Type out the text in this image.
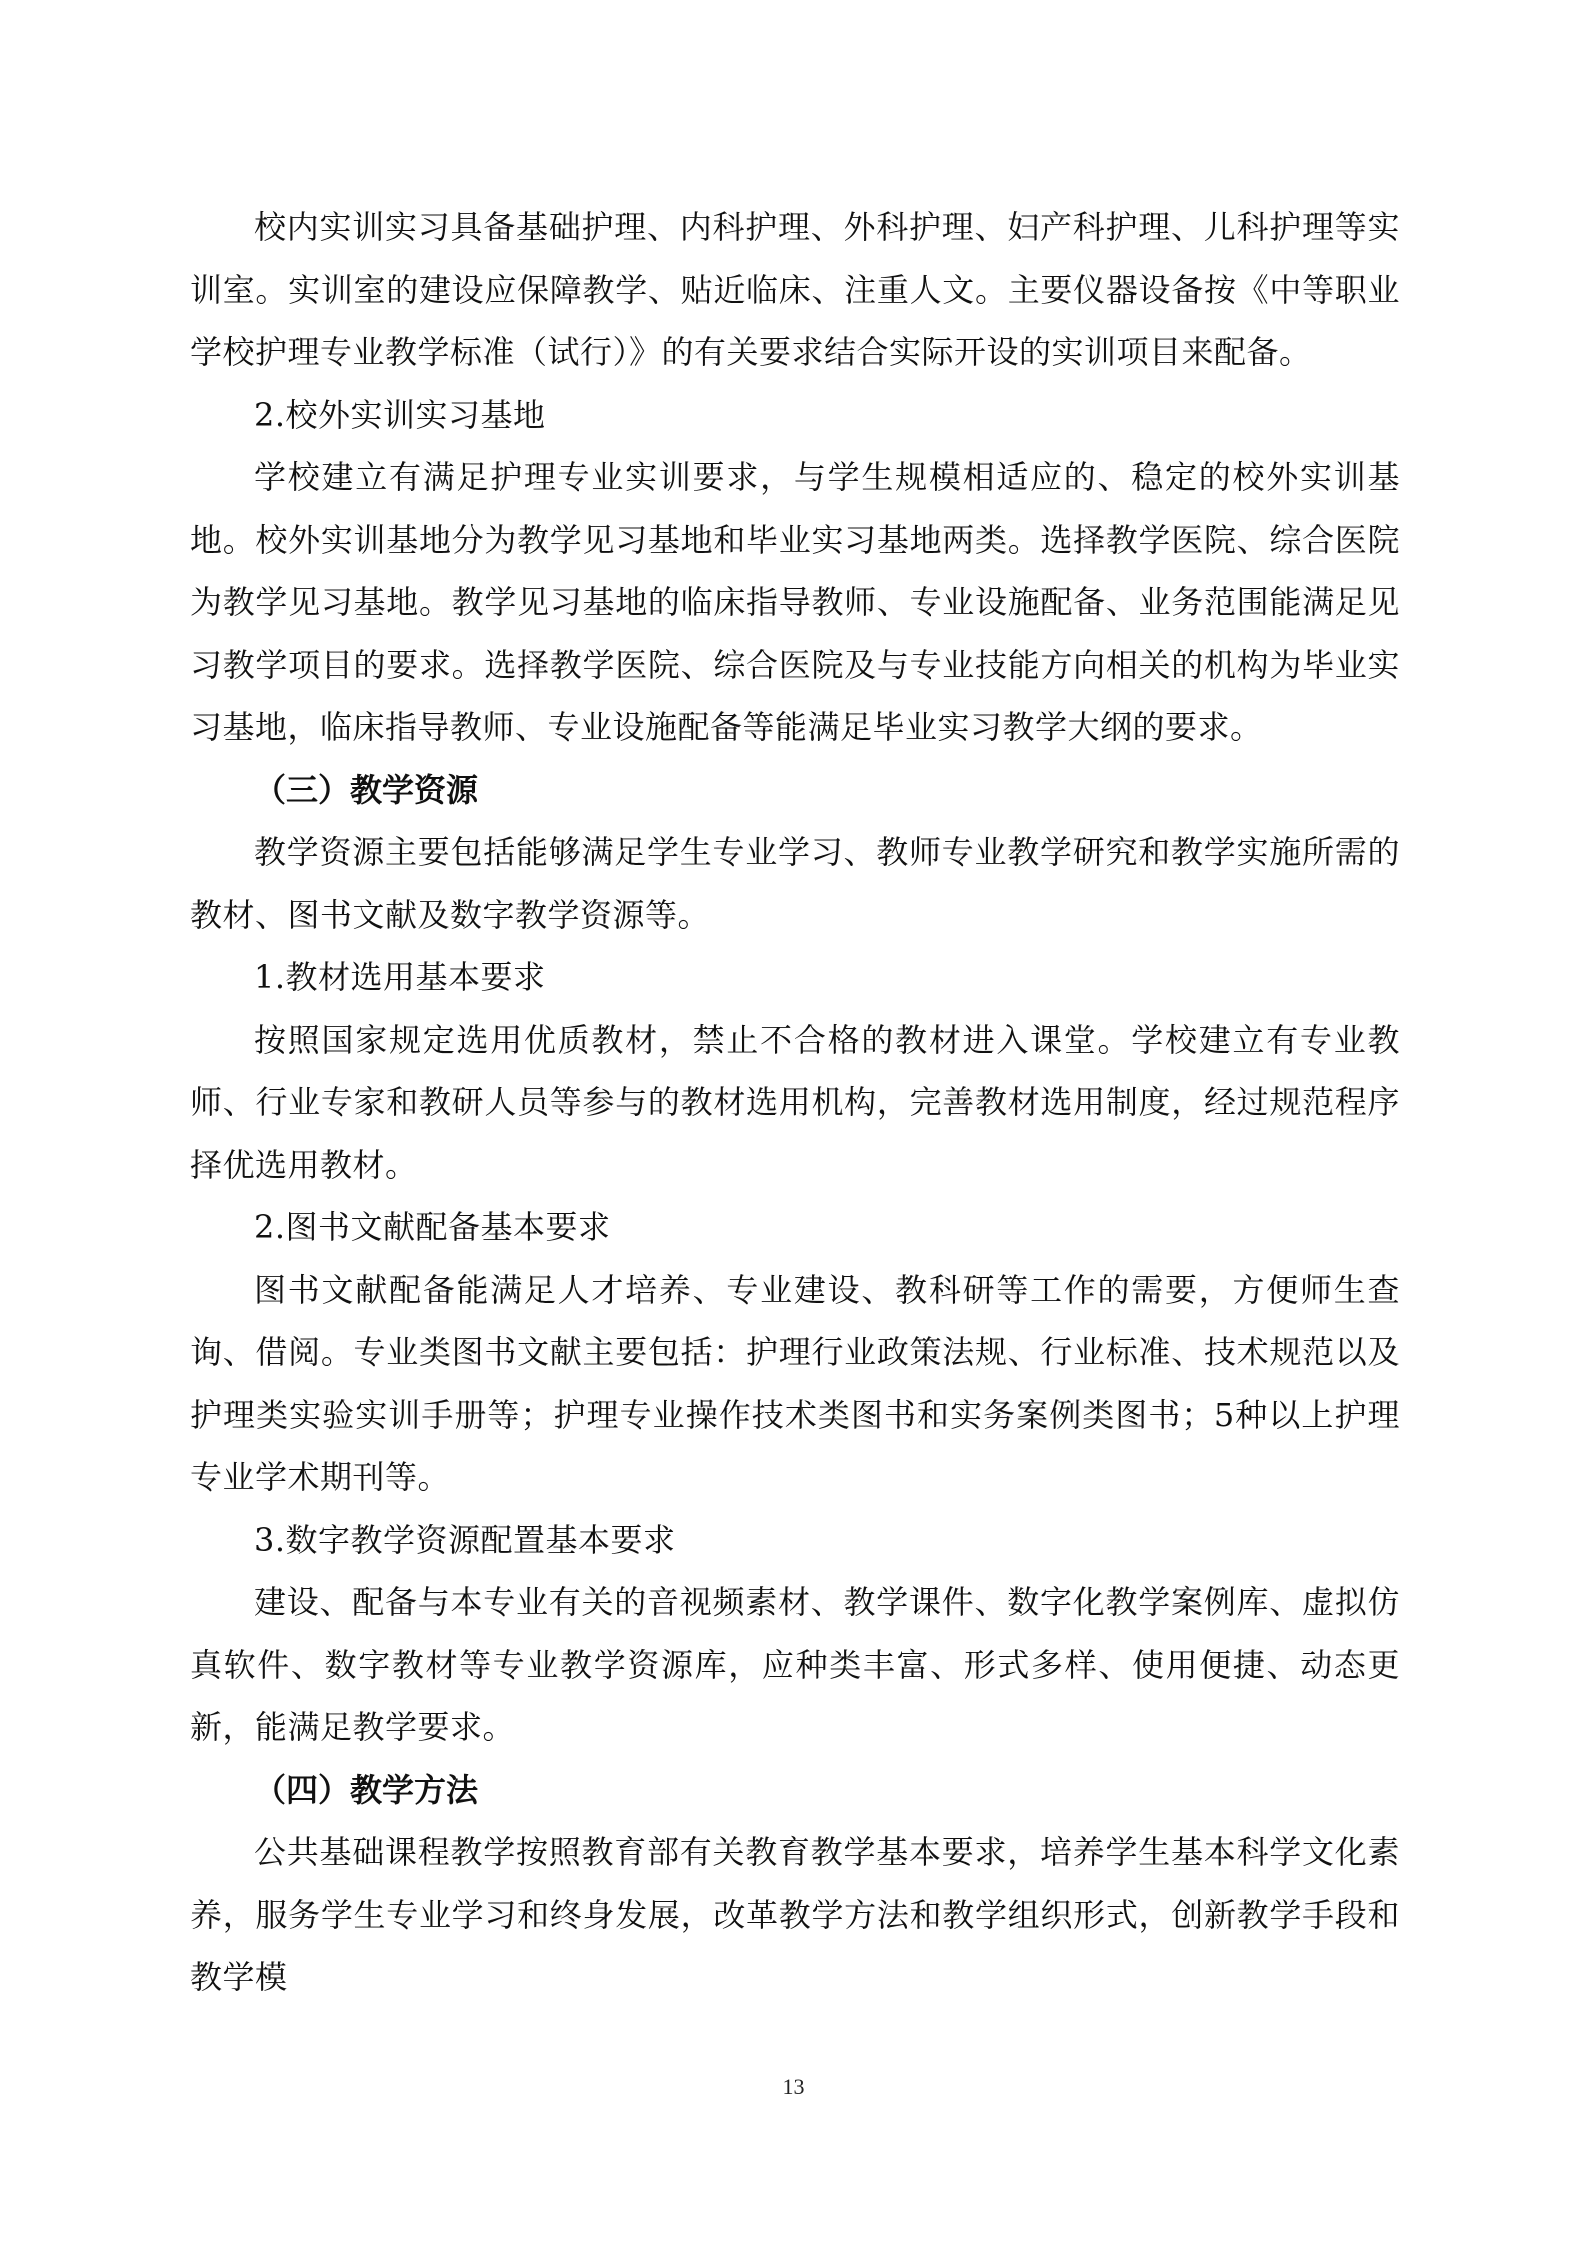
校内实训实习具备基础护理、内科护理、外科护理、妇产科护理、儿科护理等实训室。实训室的建设应保障教学、贴近临床、注重人文。主要仪器设备按《中等职业学校护理专业教学标准（试行）》的有关要求结合实际开设的实训项目来配备。

2.校外实训实习基地

学校建立有满足护理专业实训要求，与学生规模相适应的、稳定的校外实训基地。校外实训基地分为教学见习基地和毕业实习基地两类。选择教学医院、综合医院为教学见习基地。教学见习基地的临床指导教师、专业设施配备、业务范围能满足见习教学项目的要求。选择教学医院、综合医院及与专业技能方向相关的机构为毕业实习基地，临床指导教师、专业设施配备等能满足毕业实习教学大纲的要求。

（三）教学资源

教学资源主要包括能够满足学生专业学习、教师专业教学研究和教学实施所需的教材、图书文献及数字教学资源等。

1.教材选用基本要求

按照国家规定选用优质教材，禁止不合格的教材进入课堂。学校建立有专业教师、行业专家和教研人员等参与的教材选用机构，完善教材选用制度，经过规范程序择优选用教材。

2.图书文献配备基本要求

图书文献配备能满足人才培养、专业建设、教科研等工作的需要，方便师生查询、借阅。专业类图书文献主要包括：护理行业政策法规、行业标准、技术规范以及护理类实验实训手册等；护理专业操作技术类图书和实务案例类图书；5种以上护理专业学术期刊等。

3.数字教学资源配置基本要求

建设、配备与本专业有关的音视频素材、教学课件、数字化教学案例库、虚拟仿真软件、数字教材等专业教学资源库，应种类丰富、形式多样、使用便捷、动态更新，能满足教学要求。

（四）教学方法

公共基础课程教学按照教育部有关教育教学基本要求，培养学生基本科学文化素养，服务学生专业学习和终身发展，改革教学方法和教学组织形式，创新教学手段和教学模

13
